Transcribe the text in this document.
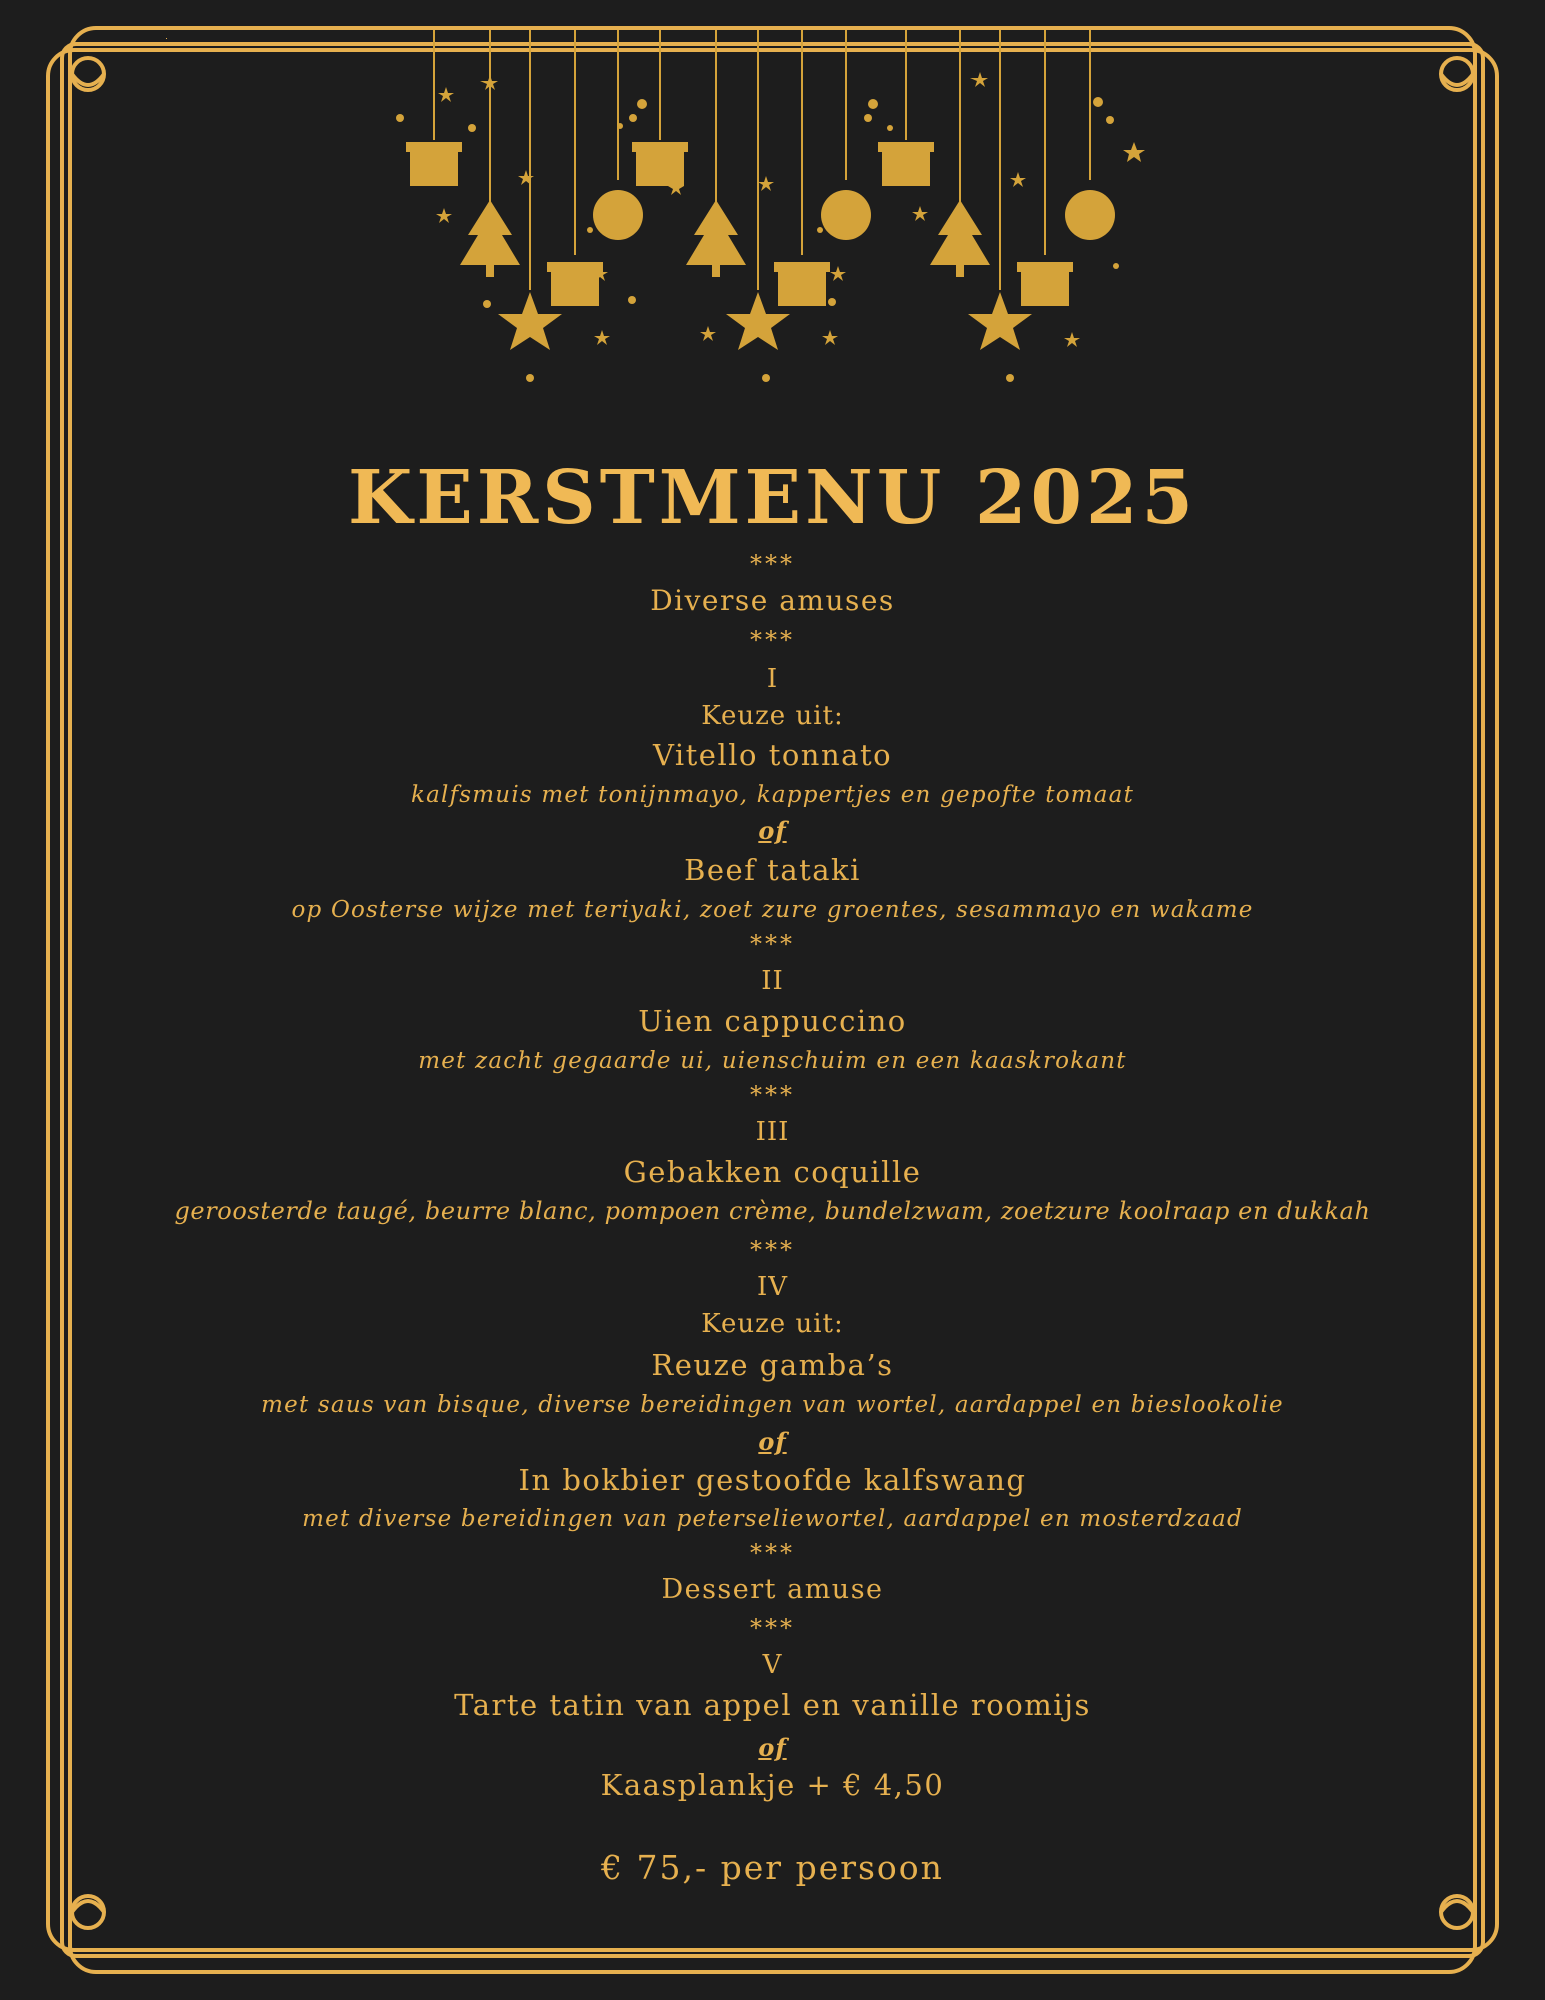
KERSTMENU 2025
***
Diverse amuses
***
I
Keuze uit:
Vitello tonnato
kalfsmuis met tonijnmayo, kappertjes en gepofte tomaat
of
Beef tataki
op Oosterse wijze met teriyaki, zoet zure groentes, sesammayo en wakame
***
II
Uien cappuccino
met zacht gegaarde ui, uienschuim en een kaaskrokant
***
III
Gebakken coquille
geroosterde taugé, beurre blanc, pompoen crème, bundelzwam, zoetzure koolraap en dukkah
***
IV
Keuze uit:
Reuze gamba’s
met saus van bisque, diverse bereidingen van wortel, aardappel en bieslookolie
of
In bokbier gestoofde kalfswang
met diverse bereidingen van peterseliewortel, aardappel en mosterdzaad
***
Dessert amuse
***
V
Tarte tatin van appel en vanille roomijs
of
Kaasplankje + € 4,50
€ 75,- per persoon
